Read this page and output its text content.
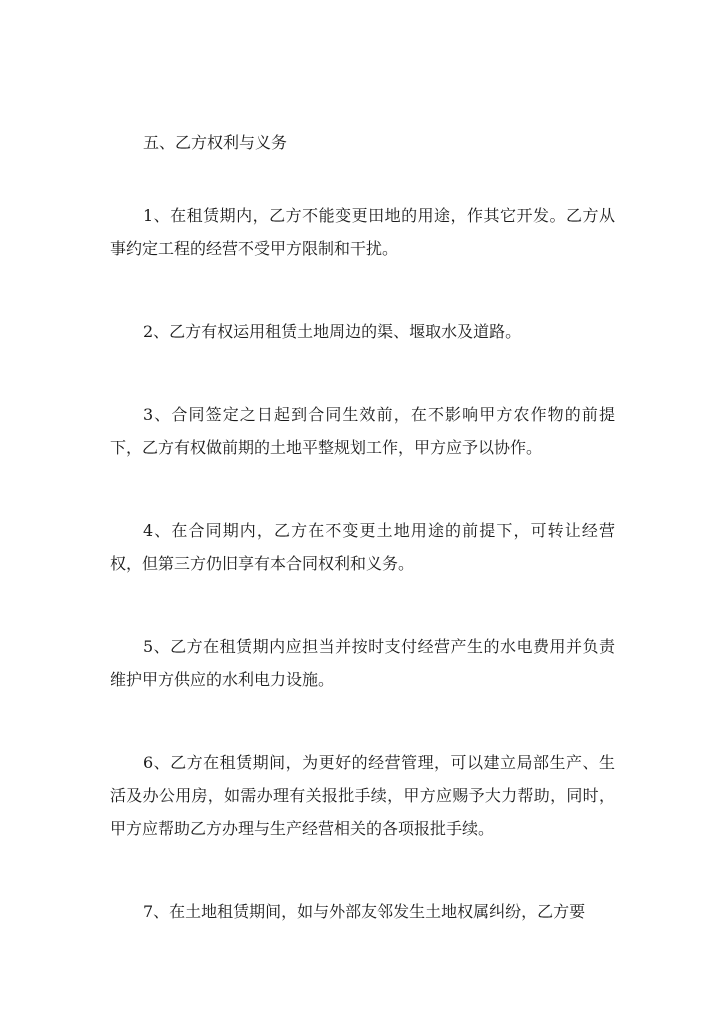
五、乙方权利与义务

1、在租赁期内，乙方不能变更田地的用途，作其它开发。乙方从事约定工程的经营不受甲方限制和干扰。

2、乙方有权运用租赁土地周边的渠、堰取水及道路。

3、合同签定之日起到合同生效前，在不影响甲方农作物的前提下，乙方有权做前期的土地平整规划工作，甲方应予以协作。

4、在合同期内，乙方在不变更土地用途的前提下，可转让经营权，但第三方仍旧享有本合同权利和义务。

5、乙方在租赁期内应担当并按时支付经营产生的水电费用并负责维护甲方供应的水利电力设施。

6、乙方在租赁期间，为更好的经营管理，可以建立局部生产、生活及办公用房，如需办理有关报批手续，甲方应赐予大力帮助，同时，甲方应帮助乙方办理与生产经营相关的各项报批手续。

7、在土地租赁期间，如与外部友邻发生土地权属纠纷，乙方要
